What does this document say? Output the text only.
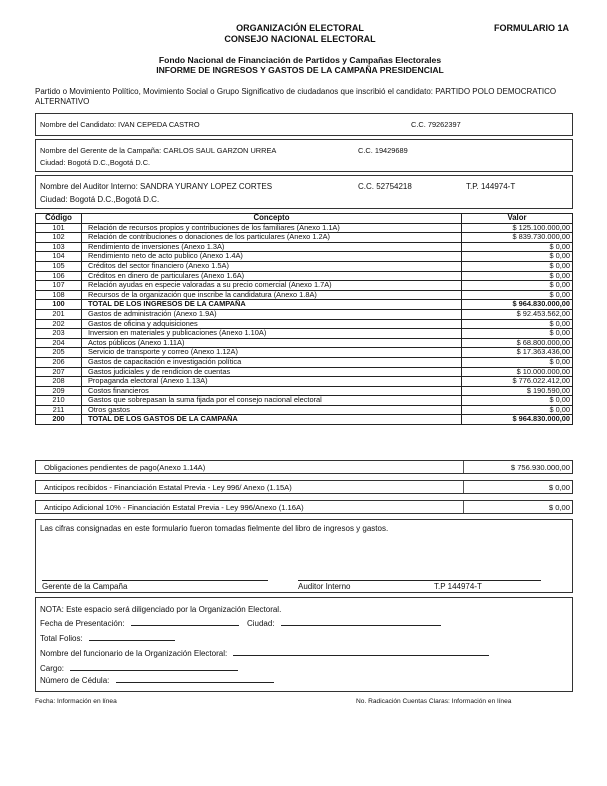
ORGANIZACIÓN ELECTORAL
CONSEJO NACIONAL ELECTORAL
FORMULARIO 1A
Fondo Nacional de Financiación de Partidos y Campañas Electorales
INFORME DE INGRESOS Y GASTOS DE LA CAMPAÑA PRESIDENCIAL
Partido o Movimiento Político, Movimiento Social o Grupo Significativo de ciudadanos que inscribió el candidato: PARTIDO POLO DEMOCRATICO ALTERNATIVO
Nombre del Candidato: IVAN CEPEDA CASTRO	C.C. 79262397
Nombre del Gerente de la Campaña: CARLOS SAUL GARZON URREA	C.C. 19429689
Ciudad: Bogotá D.C.,Bogotá D.C.
Nombre del Auditor Interno: SANDRA YURANY LOPEZ CORTES	C.C. 52754218	T.P. 144974-T
Ciudad: Bogotá D.C.,Bogotá D.C.
Código	Concepto	Valor
101	Relación de recursos propios y contribuciones de los familiares (Anexo 1.1A)	$ 125.100.000,00
102	Relación de contribuciones o donaciones de los particulares (Anexo 1.2A)	$ 839.730.000,00
103	Rendimiento de inversiones (Anexo 1.3A)	$ 0,00
104	Rendimiento neto de acto publico (Anexo 1.4A)	$ 0,00
105	Créditos del sector financiero (Anexo 1.5A)	$ 0,00
106	Créditos en dinero de particulares (Anexo 1.6A)	$ 0,00
107	Relación ayudas en especie valoradas a su precio comercial (Anexo 1.7A)	$ 0,00
108	Recursos de la organización que inscribe la candidatura (Anexo 1.8A)	$ 0,00
100	TOTAL DE LOS INGRESOS DE LA CAMPAÑA	$ 964.830.000,00
201	Gastos de administración (Anexo 1.9A)	$ 92.453.562,00
202	Gastos de oficina y adquisiciones	$ 0,00
203	Inversion en materiales y publicaciones (Anexo 1.10A)	$ 0,00
204	Actos públicos (Anexo 1.11A)	$ 68.800.000,00
205	Servicio de transporte y correo (Anexo 1.12A)	$ 17.363.436,00
206	Gastos de capacitación e investigación política	$ 0,00
207	Gastos judiciales y de rendicion de cuentas	$ 10.000.000,00
208	Propaganda electoral (Anexo 1.13A)	$ 776.022.412,00
209	Costos financieros	$ 190.590,00
210	Gastos que sobrepasan la suma fijada por el consejo nacional electoral	$ 0,00
211	Otros gastos	$ 0,00
200	TOTAL DE LOS GASTOS DE LA CAMPAÑA	$ 964.830.000,00
Obligaciones pendientes de pago(Anexo 1.14A)	$ 756.930.000,00
Anticipos recibidos - Financiación Estatal Previa - Ley 996/ Anexo (1.15A)	$ 0,00
Anticipo Adicional 10% - Financiación Estatal Previa - Ley 996/Anexo (1.16A)	$ 0,00
Las cifras consignadas en este formulario fueron tomadas fielmente del libro de ingresos y gastos.
Gerente de la Campaña	Auditor Interno	T.P 144974-T
NOTA: Este espacio será diligenciado por la Organización Electoral.
Fecha de Presentación:	Ciudad:
Total Folios:
Nombre del funcionario de la Organización Electoral:
Cargo:
Número de Cédula:
Fecha: Información en línea	No. Radicación Cuentas Claras: Información en línea
